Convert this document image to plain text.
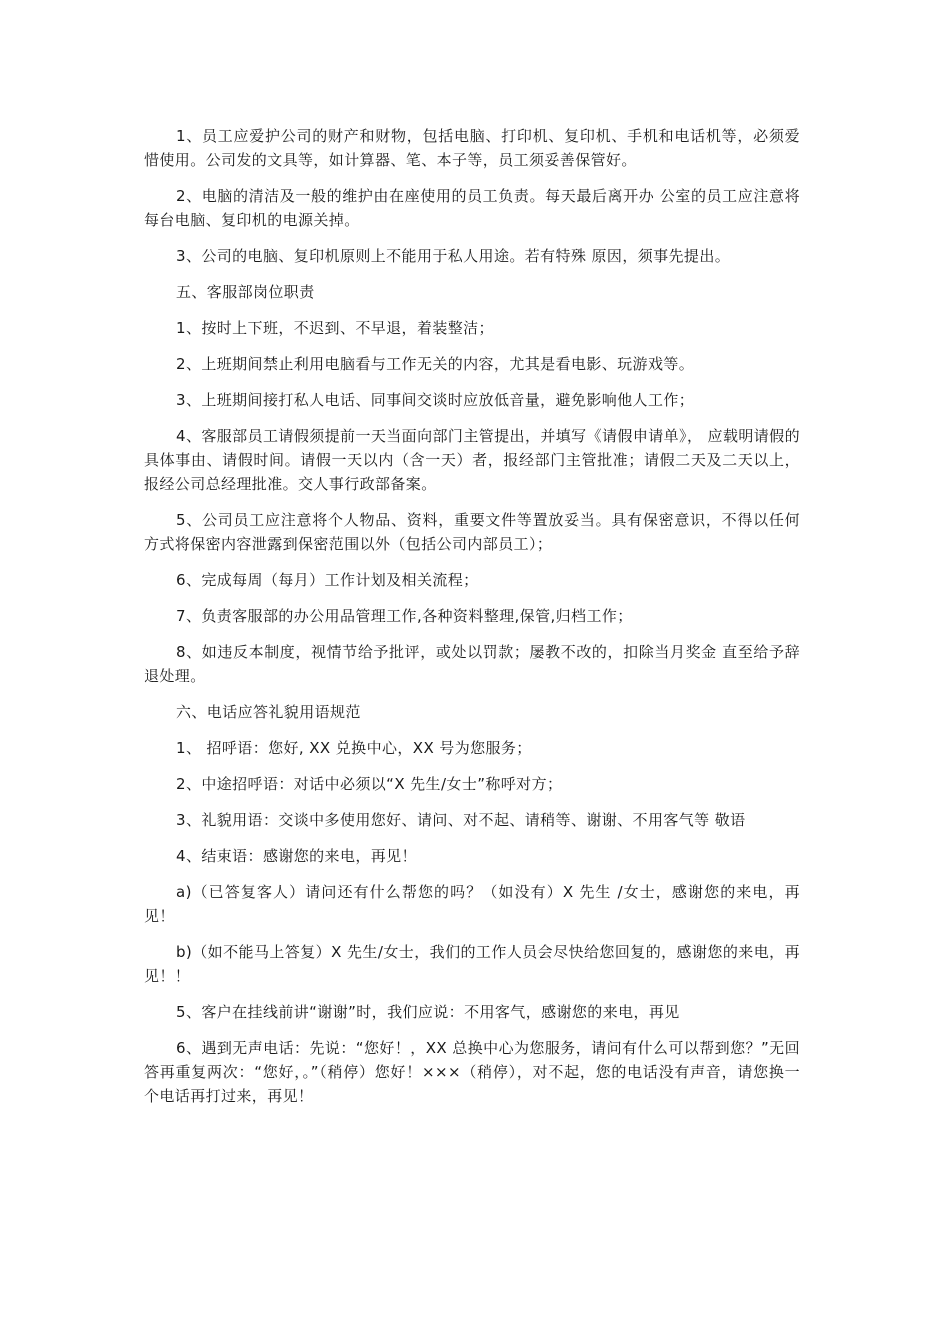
1、员工应爱护公司的财产和财物，包括电脑、打印机、复印机、手机和电话机等，必须爱惜使用。公司发的文具等，如计算器、笔、本子等，员工须妥善保管好。

2、电脑的清洁及一般的维护由在座使用的员工负责。每天最后离开办 公室的员工应注意将每台电脑、复印机的电源关掉。

3、公司的电脑、复印机原则上不能用于私人用途。若有特殊 原因，须事先提出。

五、客服部岗位职责

1、按时上下班，不迟到、不早退，着装整洁；

2、上班期间禁止利用电脑看与工作无关的内容，尤其是看电影、玩游戏等。

3、上班期间接打私人电话、同事间交谈时应放低音量，避免影响他人工作；

4、客服部员工请假须提前一天当面向部门主管提出，并填写《请假申请单》， 应载明请假的具体事由、请假时间。请假一天以内（含一天）者，报经部门主管批准；请假二天及二天以上，报经公司总经理批准。交人事行政部备案。

5、公司员工应注意将个人物品、资料，重要文件等置放妥当。具有保密意识，不得以任何方式将保密内容泄露到保密范围以外（包括公司内部员工）；

6、完成每周（每月）工作计划及相关流程；

7、负责客服部的办公用品管理工作,各种资料整理,保管,归档工作；

8、如违反本制度，视情节给予批评，或处以罚款；屡教不改的，扣除当月奖金 直至给予辞退处理。

六、电话应答礼貌用语规范

1、 招呼语：您好, XX 兑换中心，XX 号为您服务；

2、中途招呼语：对话中必须以“X 先生/女士”称呼对方；

3、礼貌用语：交谈中多使用您好、请问、对不起、请稍等、谢谢、不用客气等 敬语

4、结束语：感谢您的来电，再见！

a)（已答复客人）请问还有什么帮您的吗？（如没有）X 先生 /女士，感谢您的来电，再见！

b)（如不能马上答复）X 先生/女士，我们的工作人员会尽快给您回复的，感谢您的来电，再见！！

5、客户在挂线前讲“谢谢”时，我们应说：不用客气，感谢您的来电，再见

6、遇到无声电话：先说：“您好！，XX 总换中心为您服务，请问有什么可以帮到您？”无回答再重复两次：“您好，。”（稍停）您好！×××（稍停），对不起，您的电话没有声音，请您换一个电话再打过来，再见！
